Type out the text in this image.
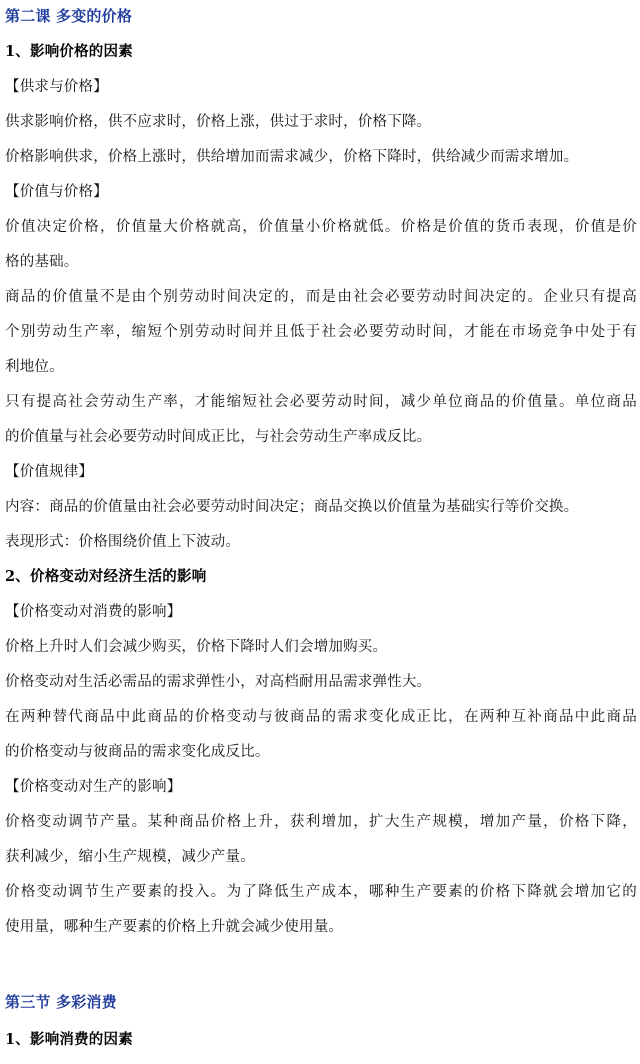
第二课 多变的价格
1、影响价格的因素
【供求与价格】
供求影响价格，供不应求时，价格上涨，供过于求时，价格下降。
价格影响供求，价格上涨时，供给增加而需求减少，价格下降时，供给减少而需求增加。
【价值与价格】
价值决定价格，价值量大价格就高，价值量小价格就低。价格是价值的货币表现，价值是价
格的基础。
商品的价值量不是由个别劳动时间决定的，而是由社会必要劳动时间决定的。企业只有提高
个别劳动生产率，缩短个别劳动时间并且低于社会必要劳动时间，才能在市场竞争中处于有
利地位。
只有提高社会劳动生产率，才能缩短社会必要劳动时间，减少单位商品的价值量。单位商品
的价值量与社会必要劳动时间成正比，与社会劳动生产率成反比。
【价值规律】
内容：商品的价值量由社会必要劳动时间决定；商品交换以价值量为基础实行等价交换。
表现形式：价格围绕价值上下波动。
2、价格变动对经济生活的影响
【价格变动对消费的影响】
价格上升时人们会减少购买，价格下降时人们会增加购买。
价格变动对生活必需品的需求弹性小，对高档耐用品需求弹性大。
在两种替代商品中此商品的价格变动与彼商品的需求变化成正比，在两种互补商品中此商品
的价格变动与彼商品的需求变化成反比。
【价格变动对生产的影响】
价格变动调节产量。某种商品价格上升，获利增加，扩大生产规模，增加产量，价格下降，
获利减少，缩小生产规模，减少产量。
价格变动调节生产要素的投入。为了降低生产成本，哪种生产要素的价格下降就会增加它的
使用量，哪种生产要素的价格上升就会减少使用量。
第三节 多彩消费
1、影响消费的因素
